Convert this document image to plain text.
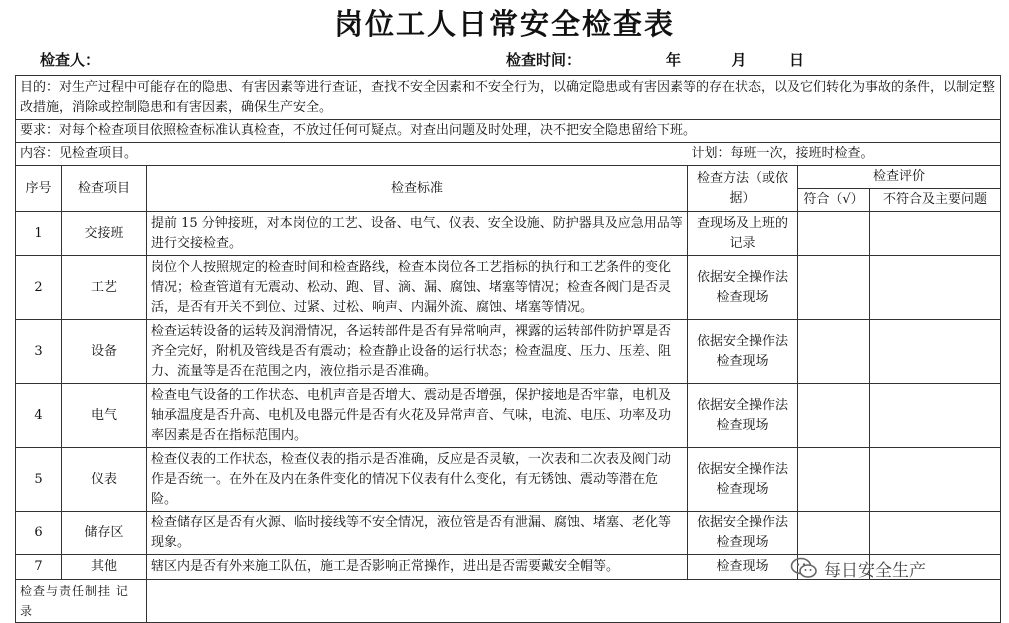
岗位工人日常安全检查表
检查人：	检查时间：	年	月	日
目的：对生产过程中可能存在的隐患、有害因素等进行查证，查找不安全因素和不安全行为，以确定隐患或有害因素等的存在状态，以及它们转化为事故的条件，以制定整改措施，消除或控制隐患和有害因素，确保生产安全。					
要求：对每个检查项目依照检查标准认真检查，不放过任何可疑点。对查出问题及时处理，决不把安全隐患留给下班。					
内容：见检查项目。			计划：每班一次，接班时检查。		
序号	检查项目	检查标准	检查方法（或依据）	检查评价	
				符合（√）	不符合及主要问题
1	交接班	提前 15 分钟接班，对本岗位的工艺、设备、电气、仪表、安全设施、防护器具及应急用品等进行交接检查。	查现场及上班的记录		
2	工艺	岗位个人按照规定的检查时间和检查路线，检查本岗位各工艺指标的执行和工艺条件的变化情况；检查管道有无震动、松动、跑、冒、滴、漏、腐蚀、堵塞等情况；检查各阀门是否灵活，是否有开关不到位、过紧、过松、响声、内漏外流、腐蚀、堵塞等情况。	依据安全操作法检查现场		
3	设备	检查运转设备的运转及润滑情况，各运转部件是否有异常响声，裸露的运转部件防护罩是否齐全完好，附机及管线是否有震动；检查静止设备的运行状态；检查温度、压力、压差、阻力、流量等是否在范围之内，液位指示是否准确。	依据安全操作法检查现场		
4	电气	检查电气设备的工作状态、电机声音是否增大、震动是否增强，保护接地是否牢靠，电机及轴承温度是否升高、电机及电器元件是否有火花及异常声音、气味，电流、电压、功率及功率因素是否在指标范围内。	依据安全操作法检查现场		
5	仪表	检查仪表的工作状态，检查仪表的指示是否准确，反应是否灵敏，一次表和二次表及阀门动作是否统一。在外在及内在条件变化的情况下仪表有什么变化，有无锈蚀、震动等潜在危险。	依据安全操作法检查现场		
6	储存区	检查储存区是否有火源、临时接线等不安全情况，液位管是否有泄漏、腐蚀、堵塞、老化等现象。	依据安全操作法检查现场		
7	其他	辖区内是否有外来施工队伍，施工是否影响正常操作，进出是否需要戴安全帽等。	检查现场		
检查与责任制挂 记 录					
每日安全生产
